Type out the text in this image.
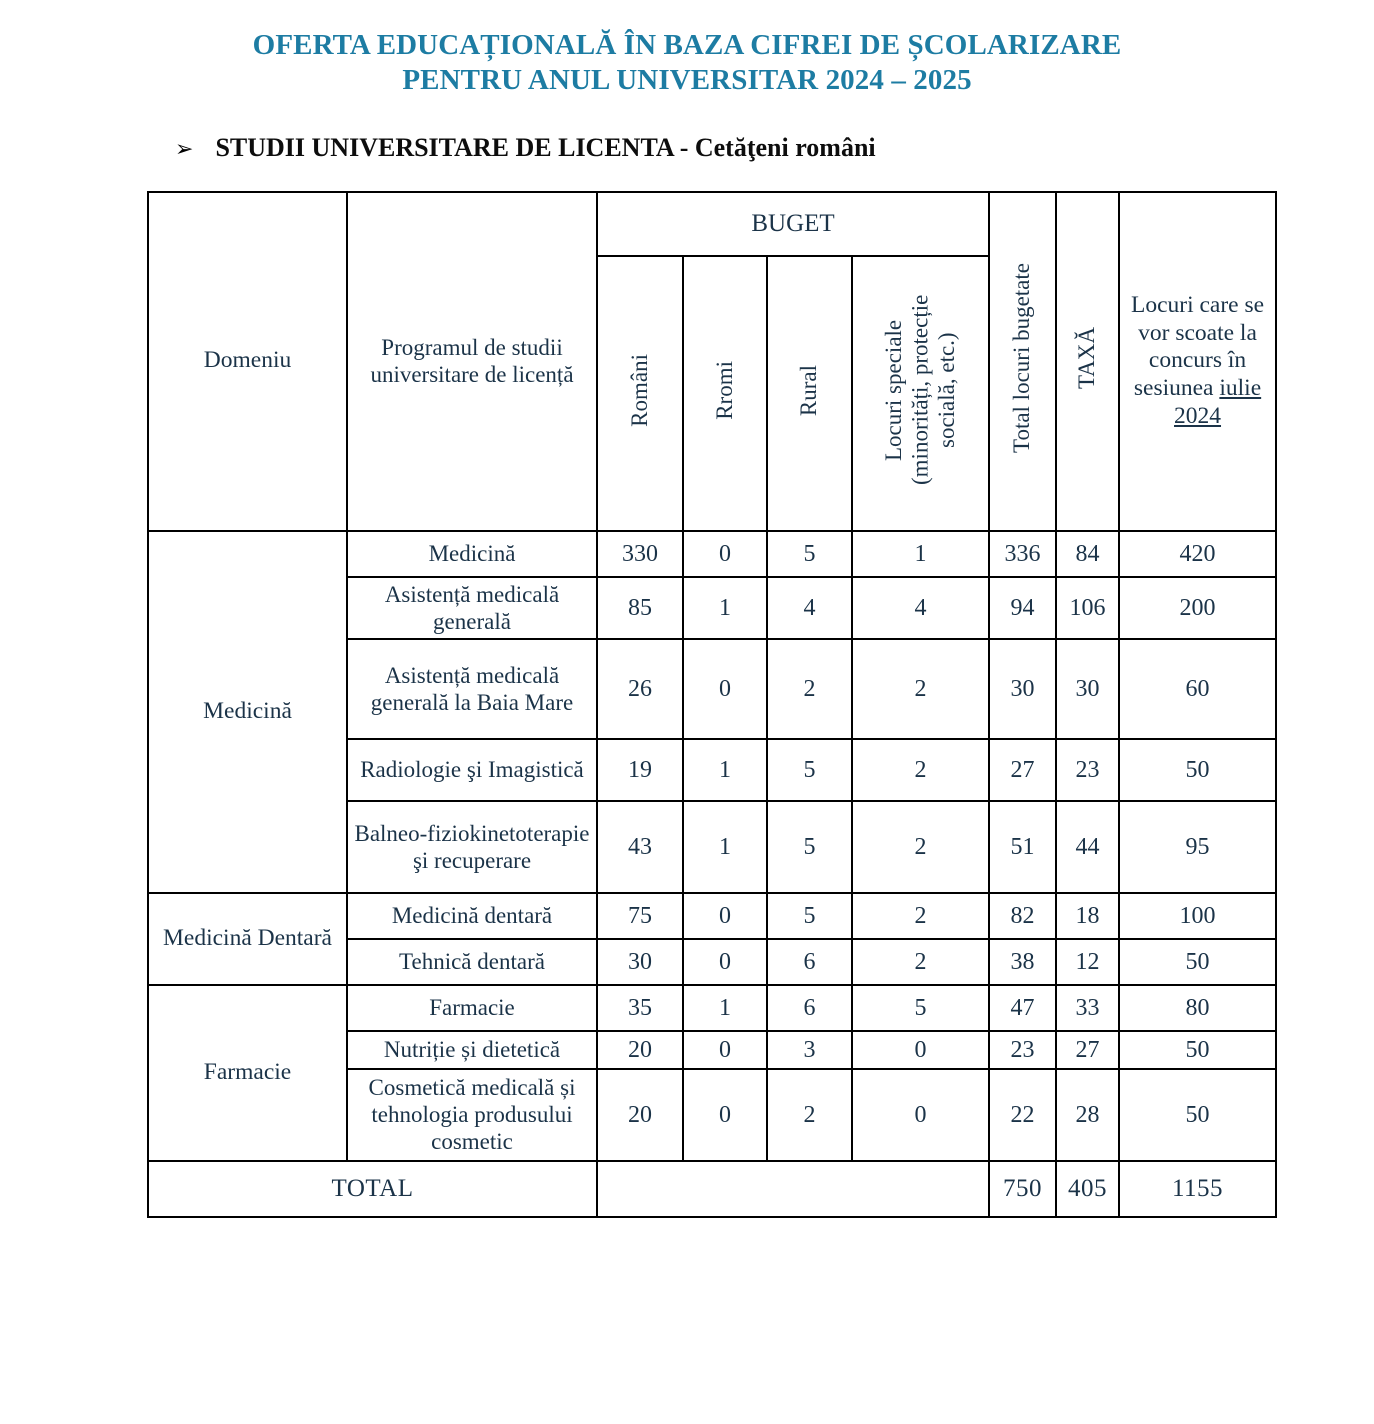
OFERTA EDUCAȚIONALĂ ÎN BAZA CIFREI DE ȘCOLARIZARE
PENTRU ANUL UNIVERSITAR 2024 – 2025
➢ STUDII UNIVERSITARE DE LICENTA - Cetăţeni români
Domeniu	Programul de studii universitare de licență	BUGET				Total locuri bugetate	TAXĂ	Locuri care se vor scoate la concurs în sesiunea iulie 2024
		Români	Rromi	Rural	Locuri speciale
(minorități, protecție socială, etc.)			
Medicină	Medicină	330	0	5	1	336	84	420
	Asistență medicală generală	85	1	4	4	94	106	200
	Asistență medicală generală la Baia Mare	26	0	2	2	30	30	60
	Radiologie şi Imagistică	19	1	5	2	27	23	50
	Balneo-fiziokinetoterapie şi recuperare	43	1	5	2	51	44	95
Medicină Dentară	Medicină dentară	75	0	5	2	82	18	100
	Tehnică dentară	30	0	6	2	38	12	50
Farmacie	Farmacie	35	1	6	5	47	33	80
	Nutriție și dietetică	20	0	3	0	23	27	50
	Cosmetică medicală și tehnologia produsului cosmetic	20	0	2	0	22	28	50
TOTAL						750	405	1155
